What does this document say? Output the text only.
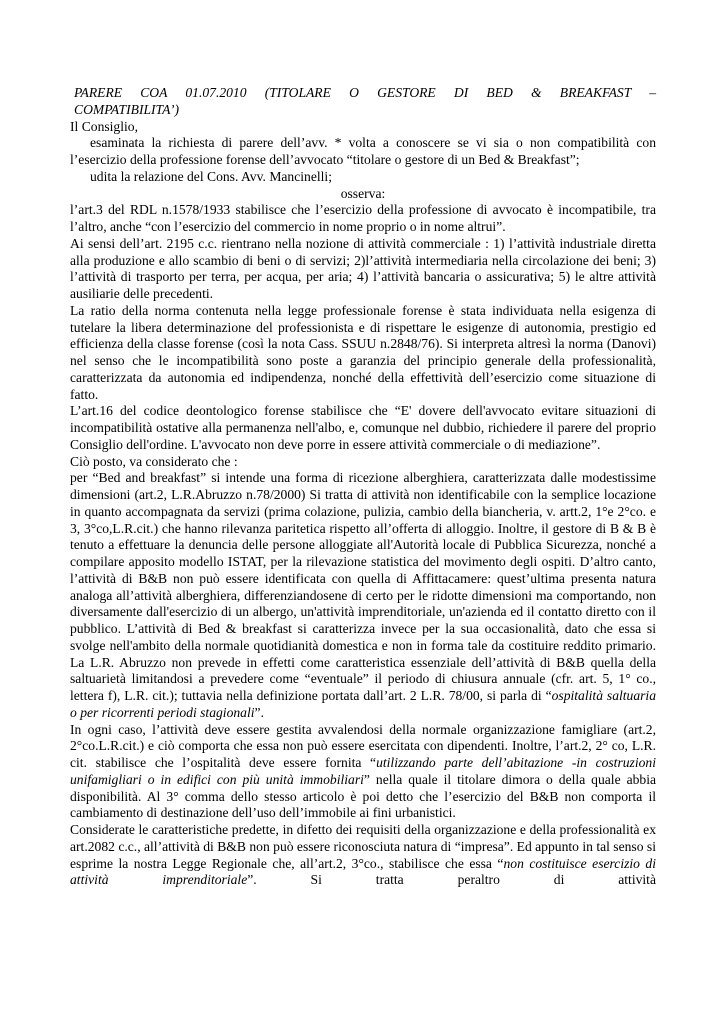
PARERE COA 01.07.2010 (TITOLARE O GESTORE DI BED & BREAKFAST –

COMPATIBILITA’)

Il Consiglio,

esaminata la richiesta di parere dell’avv. * volta a conoscere se vi sia o non compatibilità con l’esercizio della professione forense dell’avvocato “titolare o gestore di un Bed & Breakfast”;

udita la relazione del Cons. Avv. Mancinelli;

osserva:

l’art.3 del RDL n.1578/1933 stabilisce che l’esercizio della professione di avvocato è incompatibile, tra l’altro, anche “con l’esercizio del commercio in nome proprio o in nome altrui”.

Ai sensi dell’art. 2195 c.c. rientrano nella nozione di attività commerciale : 1) l’attività industriale diretta alla produzione e allo scambio di beni o di servizi; 2)l’attività intermediaria nella circolazione dei beni; 3) l’attività di trasporto per terra, per acqua, per aria; 4) l’attività bancaria o assicurativa; 5) le altre attività ausiliarie delle precedenti.

La ratio della norma contenuta nella legge professionale forense è stata individuata nella esigenza di tutelare la libera determinazione del professionista e di rispettare le esigenze di autonomia, prestigio ed efficienza della classe forense (così la nota Cass. SSUU n.2848/76). Si interpreta altresì la norma (Danovi) nel senso che le incompatibilità sono poste a garanzia del principio generale della professionalità, caratterizzata da autonomia ed indipendenza, nonché della effettività dell’esercizio come situazione di fatto.

L’art.16 del codice deontologico forense stabilisce che “E' dovere dell'avvocato evitare situazioni di incompatibilità ostative alla permanenza nell'albo, e, comunque nel dubbio, richiedere il parere del proprio Consiglio dell'ordine. L'avvocato non deve porre in essere attività commerciale o di mediazione”.

Ciò posto, va considerato che :

per “Bed and breakfast” si intende una forma di ricezione alberghiera, caratterizzata dalle modestissime dimensioni (art.2, L.R.Abruzzo n.78/2000) Si tratta di attività non identificabile con la semplice locazione in quanto accompagnata da servizi (prima colazione, pulizia, cambio della biancheria, v. artt.2, 1°e 2°co. e 3, 3°co,L.R.cit.) che hanno rilevanza paritetica rispetto all’offerta di alloggio. Inoltre, il gestore di B & B è tenuto a effettuare la denuncia delle persone alloggiate all'Autorità locale di Pubblica Sicurezza, nonché a compilare apposito modello ISTAT, per la rilevazione statistica del movimento degli ospiti. D’altro canto, l’attività di B&B non può essere identificata con quella di Affittacamere: quest’ultima presenta natura analoga all’attività alberghiera, differenziandosene di certo per le ridotte dimensioni ma comportando, non diversamente dall'esercizio di un albergo, un'attività imprenditoriale, un'azienda ed il contatto diretto con il pubblico. L’attività di Bed & breakfast si caratterizza invece per la sua occasionalità, dato che essa si svolge nell'ambito della normale quotidianità domestica e non in forma tale da costituire reddito primario. La L.R. Abruzzo non prevede in effetti come caratteristica essenziale dell’attività di B&B quella della saltuarietà limitandosi a prevedere come “eventuale” il periodo di chiusura annuale (cfr. art. 5, 1° co., lettera f), L.R. cit.); tuttavia nella definizione portata dall’art. 2 L.R. 78/00, si parla di “ospitalità saltuaria o per ricorrenti periodi stagionali”.

In ogni caso, l’attività deve essere gestita avvalendosi della normale organizzazione famigliare (art.2, 2°co.L.R.cit.) e ciò comporta che essa non può essere esercitata con dipendenti. Inoltre, l’art.2, 2° co, L.R. cit. stabilisce che l’ospitalità deve essere fornita “utilizzando parte dell’abitazione -in costruzioni unifamigliari o in edifici con più unità immobiliari” nella quale il titolare dimora o della quale abbia disponibilità. Al 3° comma dello stesso articolo è poi detto che l’esercizio del B&B non comporta il cambiamento di destinazione dell’uso dell’immobile ai fini urbanistici.

Considerate le caratteristiche predette, in difetto dei requisiti della organizzazione e della professionalità ex art.2082 c.c., all’attività di B&B non può essere riconosciuta natura di “impresa”. Ed appunto in tal senso si esprime la nostra Legge Regionale che, all’art.2, 3°co., stabilisce che essa “non costituisce esercizio di attività imprenditoriale”. Si tratta peraltro di attività
